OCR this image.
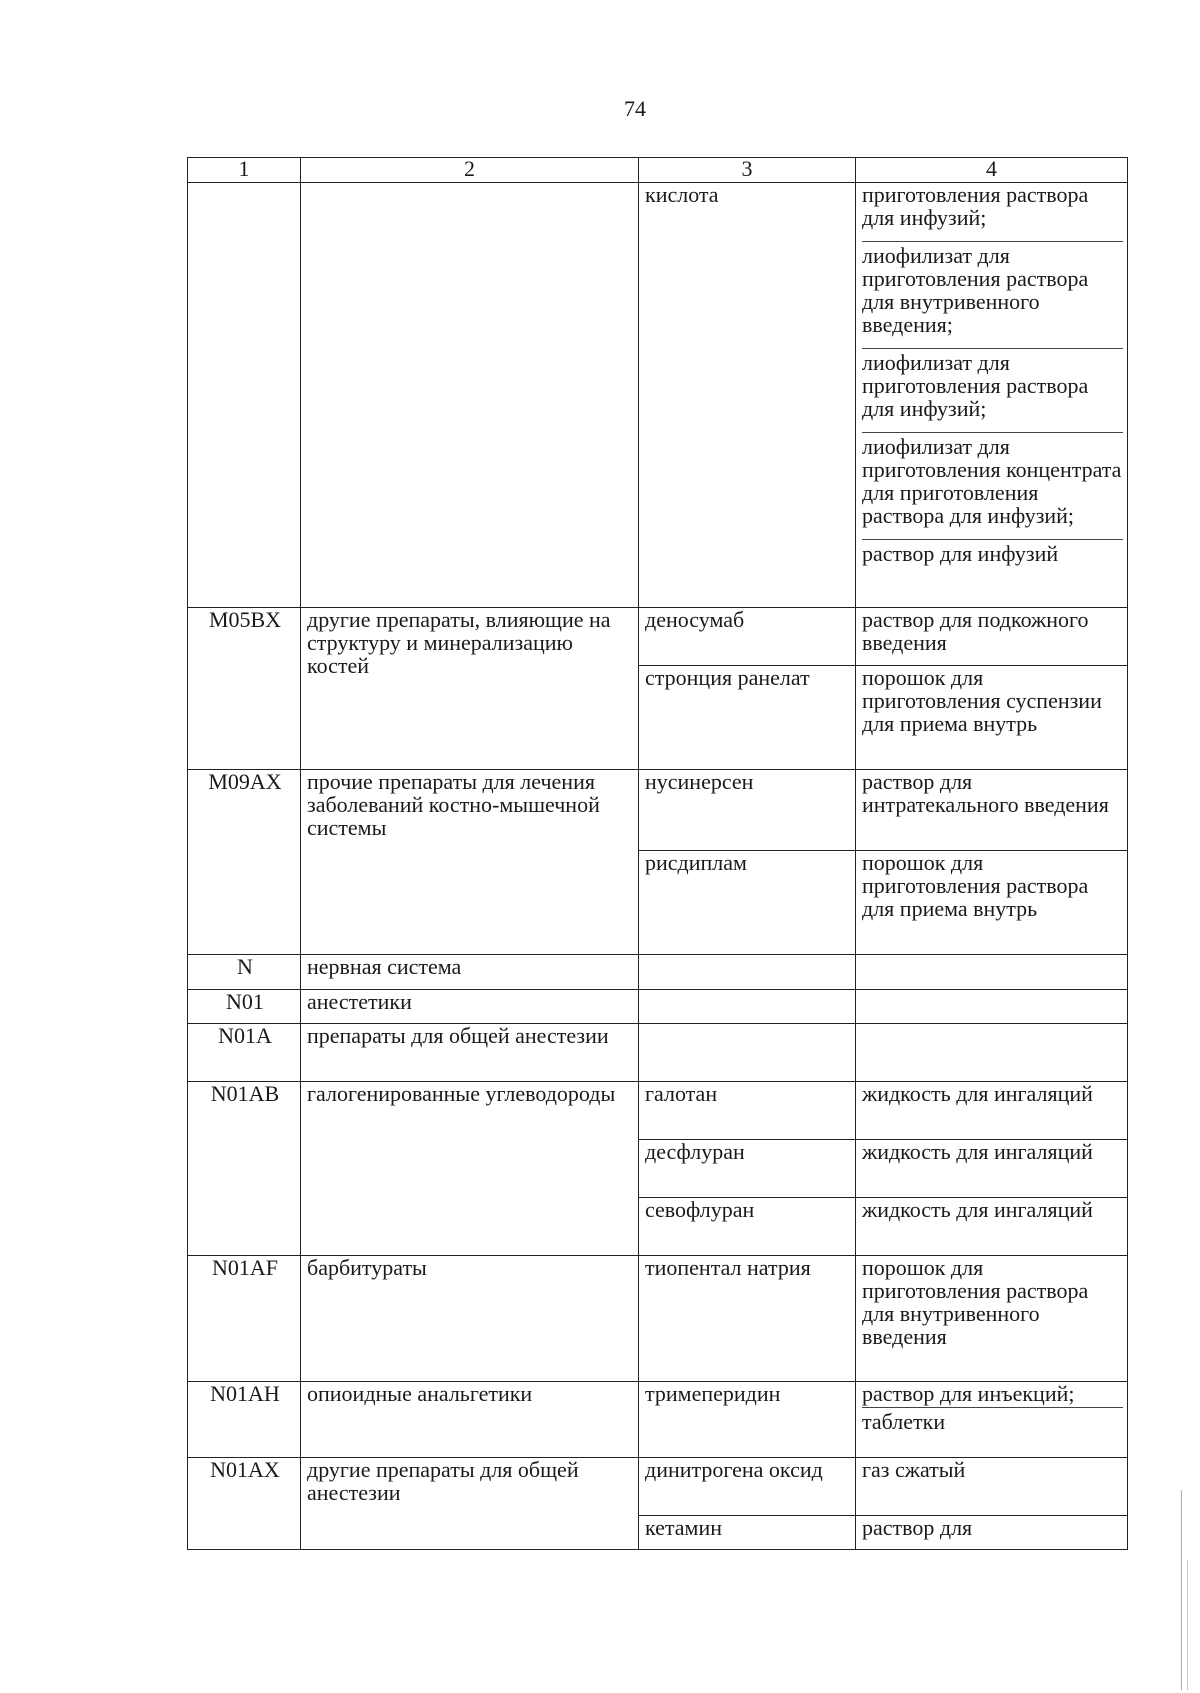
74
1	2	3	4
		кислота	приготовления раствора для инфузий;
лиофилизат для приготовления раствора для внутривенного введения;
лиофилизат для приготовления раствора для инфузий;
лиофилизат для приготовления концентрата для приготовления раствора для инфузий;
раствор для инфузий

M05BX	другие препараты, влияющие на структуру и минерализацию костей	деносумаб	раствор для подкожного введения
		стронция ранелат	порошок для приготовления суспензии для приема внутрь
M09AX	прочие препараты для лечения заболеваний костно-мышечной системы	нусинерсен	раствор для интратекального введения
		рисдиплам	порошок для приготовления раствора для приема внутрь
N	нервная система		
N01	анестетики		
N01A	препараты для общей анестезии		
N01AB	галогенированные углеводороды	галотан	жидкость для ингаляций
		десфлуран	жидкость для ингаляций
		севофлуран	жидкость для ингаляций
N01AF	барбитураты	тиопентал натрия	порошок для приготовления раствора для внутривенного введения
N01AH	опиоидные анальгетики	тримеперидин	раствор для инъекций;
таблетки

N01AX	другие препараты для общей анестезии	динитрогена оксид	газ сжатый
		кетамин	раствор для
